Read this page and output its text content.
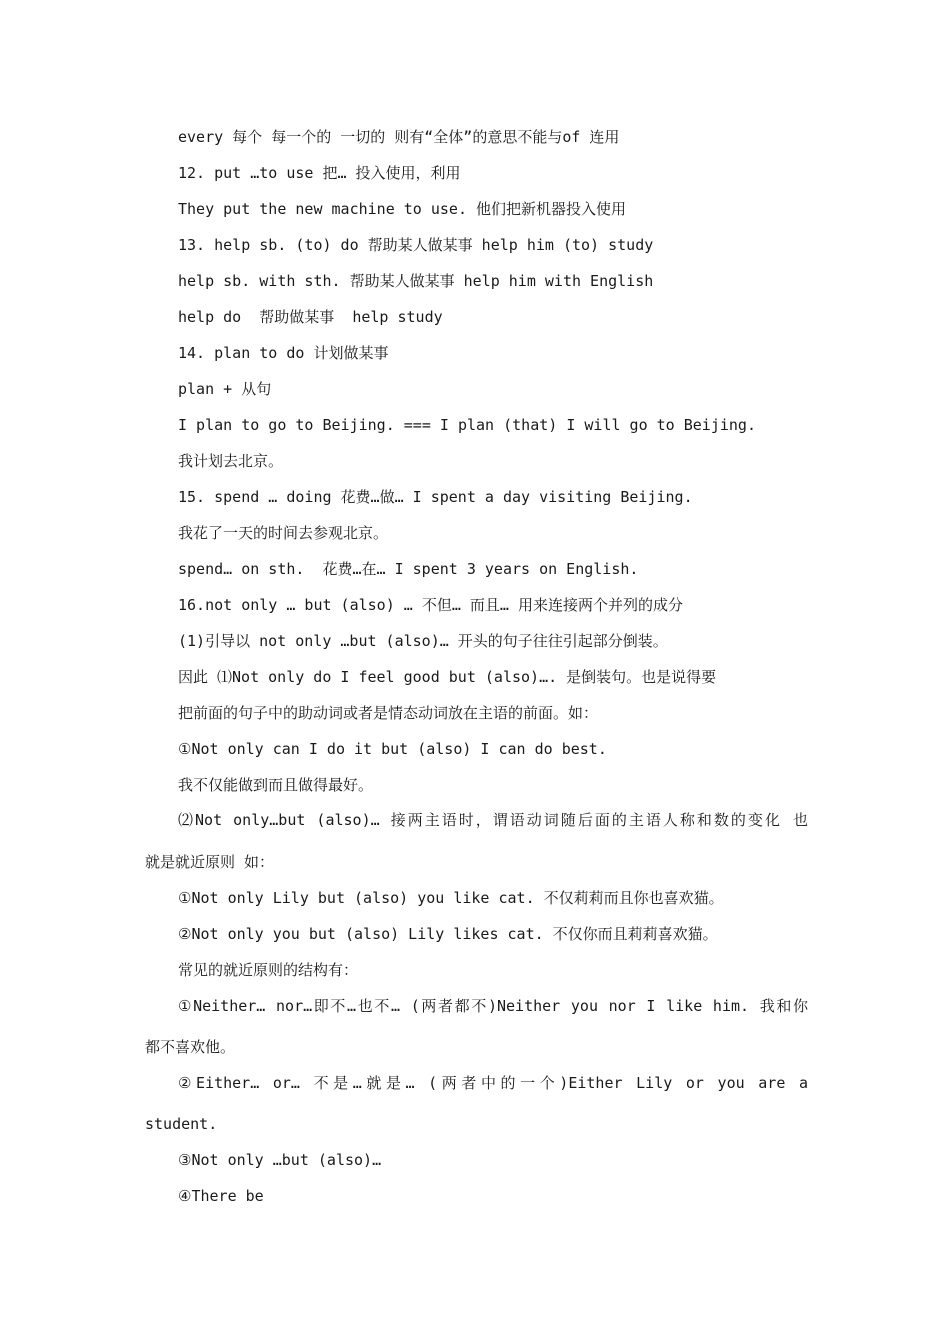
every 每个 每一个的 一切的 则有“全体”的意思不能与of 连用
12. put …to use 把… 投入使用，利用
They put the new machine to use. 他们把新机器投入使用
13. help sb. (to) do 帮助某人做某事 help him (to) study
help sb. with sth. 帮助某人做某事 help him with English
help do  帮助做某事  help study
14. plan to do 计划做某事
plan + 从句
I plan to go to Beijing. === I plan (that) I will go to Beijing.
我计划去北京。
15. spend … doing 花费…做… I spent a day visiting Beijing.
我花了一天的时间去参观北京。
spend… on sth.  花费…在… I spent 3 years on English.
16.not only … but (also) … 不但… 而且… 用来连接两个并列的成分
(1)引导以 not only …but (also)… 开头的句子往往引起部分倒装。
因此 ⑴Not only do I feel good but (also)…. 是倒装句。也是说得要
把前面的句子中的助动词或者是情态动词放在主语的前面。如：
①Not only can I do it but (also) I can do best.
我不仅能做到而且做得最好。
⑵Not only…but (also)… 接两主语时，谓语动词随后面的主语人称和数的变化 也
就是就近原则 如：
①Not only Lily but (also) you like cat. 不仅莉莉而且你也喜欢猫。
②Not only you but (also) Lily likes cat. 不仅你而且莉莉喜欢猫。
常见的就近原则的结构有：
①Neither… nor…即不…也不… (两者都不)Neither you nor I like him. 我和你
都不喜欢他。
②Either… or… 不是…就是… (两者中的一个)Either Lily or you are a
student.
③Not only …but (also)…
④There be
